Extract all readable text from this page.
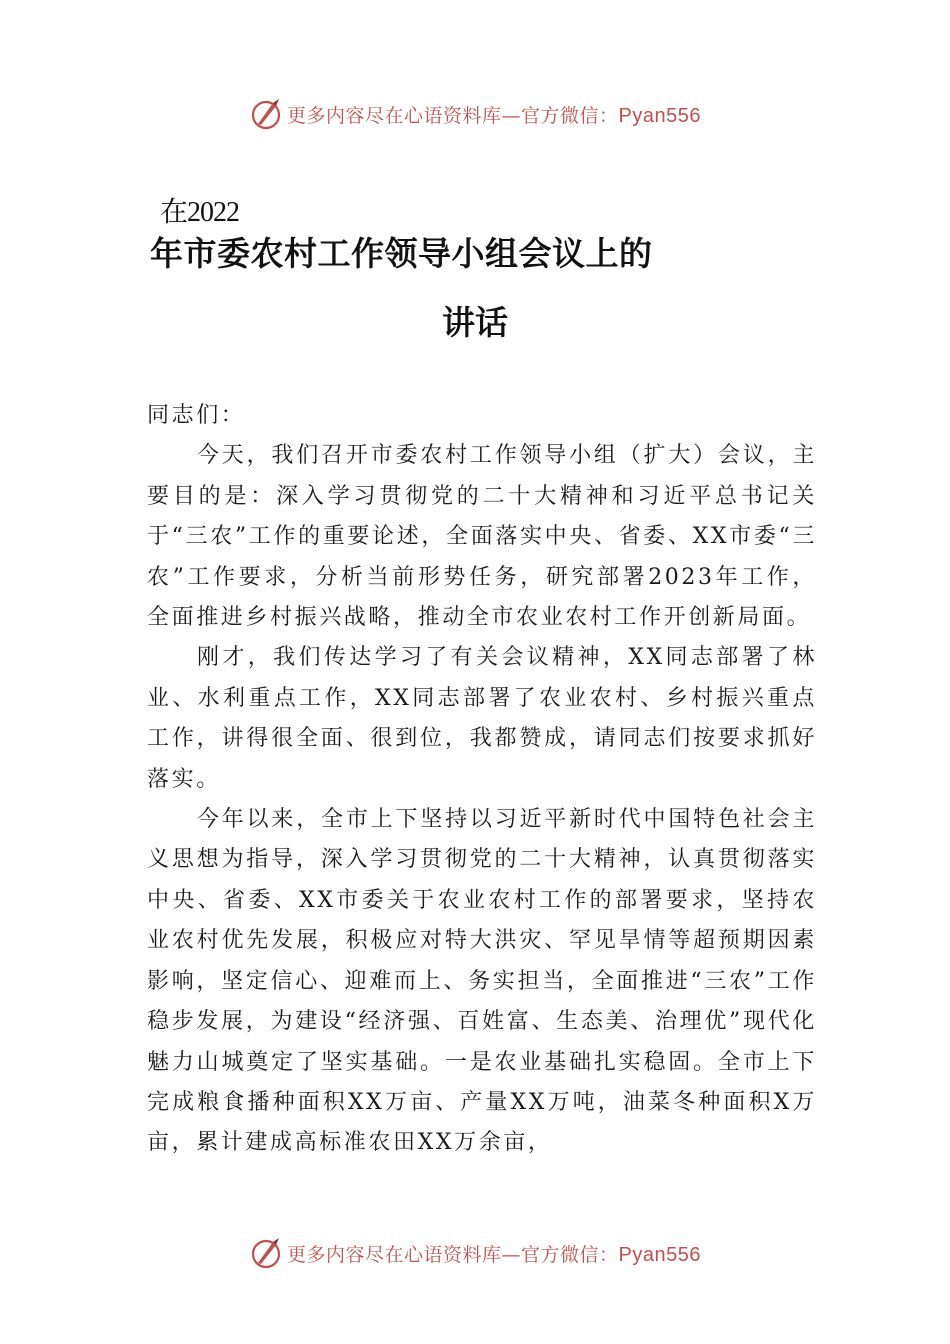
更多内容尽在心语资料库—官方微信：Pyan556
在2022
年市委农村工作领导小组会议上的
讲话

同志们：

今天，我们召开市委农村工作领导小组（扩大）会议，主要目的是：深入学习贯彻党的二十大精神和习近平总书记关于“三农”工作的重要论述，全面落实中央、省委、XX市委“三农”工作要求，分析当前形势任务，研究部署2023年工作，全面推进乡村振兴战略，推动全市农业农村工作开创新局面。

刚才，我们传达学习了有关会议精神，XX同志部署了林业、水利重点工作，XX同志部署了农业农村、乡村振兴重点工作，讲得很全面、很到位，我都赞成，请同志们按要求抓好落实。

今年以来，全市上下坚持以习近平新时代中国特色社会主义思想为指导，深入学习贯彻党的二十大精神，认真贯彻落实中央、省委、XX市委关于农业农村工作的部署要求，坚持农业农村优先发展，积极应对特大洪灾、罕见旱情等超预期因素影响，坚定信心、迎难而上、务实担当，全面推进“三农”工作稳步发展，为建设“经济强、百姓富、生态美、治理优”现代化魅力山城奠定了坚实基础。一是农业基础扎实稳固。全市上下完成粮食播种面积XX万亩、产量XX万吨，油菜冬种面积X万亩，累计建成高标准农田XX万余亩，

更多内容尽在心语资料库—官方微信：Pyan556
